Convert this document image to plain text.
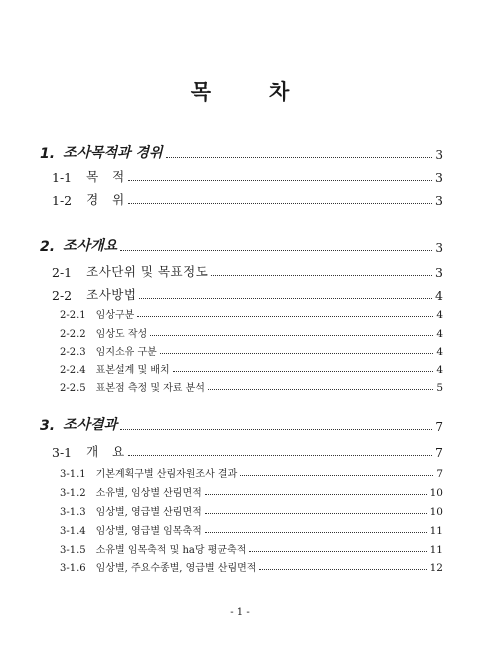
목	차
1. 조사목적과 경위	3
1-1 목   적	3
1-2 경   위	3
2. 조사개요	3
2-1 조사단위 및 목표정도	3
2-2 조사방법	4
2-2.1 임상구분	4
2-2.2 임상도 작성	4
2-2.3 임지소유 구분	4
2-2.4 표본설계 및 배치	4
2-2.5 표본점 측정 및 자료 분석	5
3. 조사결과	7
3-1 개   요	7
3-1.1 기본계획구별 산림자원조사 결과	7
3-1.2 소유별, 임상별 산림면적	10
3-1.3 임상별, 영급별 산림면적	10
3-1.4 임상별, 영급별 임목축적	11
3-1.5 소유별 임목축적 및 ha당 평균축적	11
3-1.6 임상별, 주요수종별, 영급별 산림면적	12
- 1 -
